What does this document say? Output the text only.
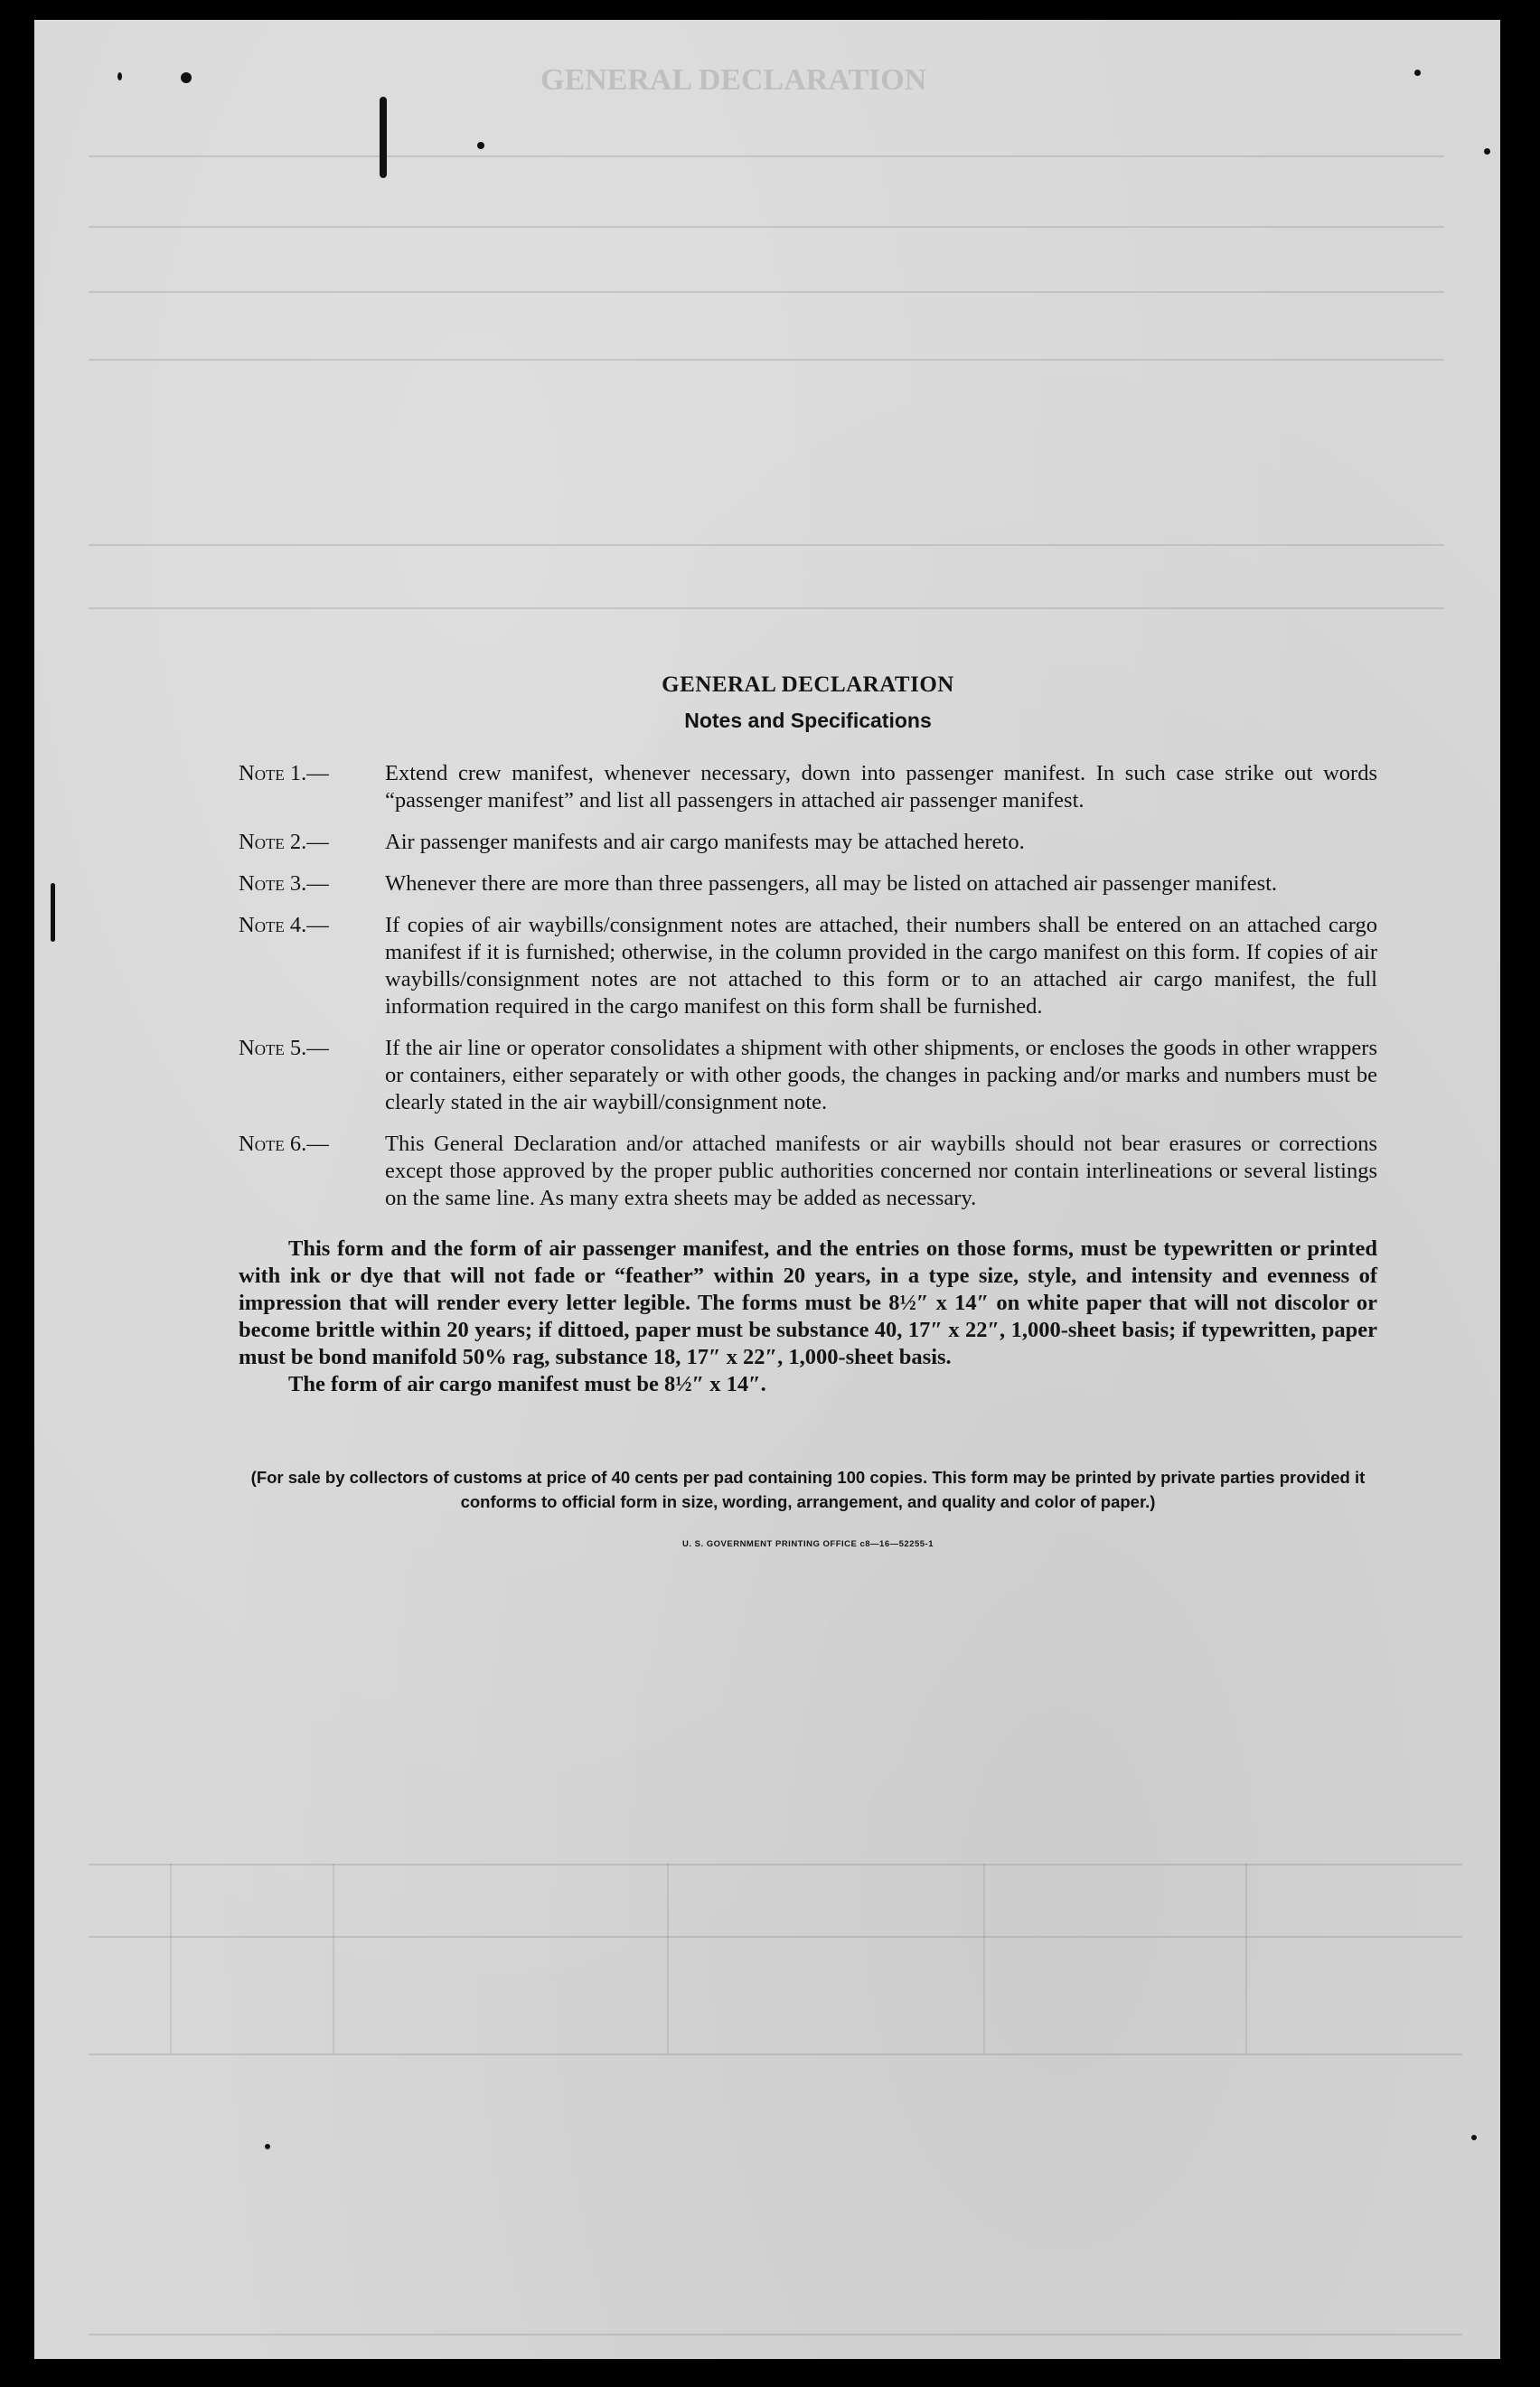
GENERAL DECLARATION
GENERAL DECLARATION
Notes and Specifications
Note 1.—	Extend crew manifest, whenever necessary, down into passenger manifest. In such case strike out words “passenger manifest” and list all passengers in attached air passenger manifest.
Note 2.—	Air passenger manifests and air cargo manifests may be attached hereto.
Note 3.—	Whenever there are more than three passengers, all may be listed on attached air passenger manifest.
Note 4.—	If copies of air waybills/consignment notes are attached, their numbers shall be entered on an attached cargo manifest if it is furnished; otherwise, in the column provided in the cargo manifest on this form. If copies of air waybills/consignment notes are not attached to this form or to an attached air cargo manifest, the full information required in the cargo manifest on this form shall be furnished.
Note 5.—	If the air line or operator consolidates a shipment with other shipments, or encloses the goods in other wrappers or containers, either separately or with other goods, the changes in packing and/or marks and numbers must be clearly stated in the air waybill/consignment note.
Note 6.—	This General Declaration and/or attached manifests or air waybills should not bear erasures or corrections except those approved by the proper public authorities concerned nor contain interlineations or several listings on the same line. As many extra sheets may be added as necessary.
This form and the form of air passenger manifest, and the entries on those forms, must be typewritten or printed with ink or dye that will not fade or “feather” within 20 years, in a type size, style, and intensity and evenness of impression that will render every letter legible. The forms must be 8½″ x 14″ on white paper that will not discolor or become brittle within 20 years; if dittoed, paper must be substance 40, 17″ x 22″, 1,000-sheet basis; if typewritten, paper must be bond manifold 50% rag, substance 18, 17″ x 22″, 1,000-sheet basis.
The form of air cargo manifest must be 8½″ x 14″.
(For sale by collectors of customs at price of 40 cents per pad containing 100 copies. This form may be printed by private parties provided it conforms to official form in size, wording, arrangement, and quality and color of paper.)
U. S. GOVERNMENT PRINTING OFFICE c8—16—52255-1
